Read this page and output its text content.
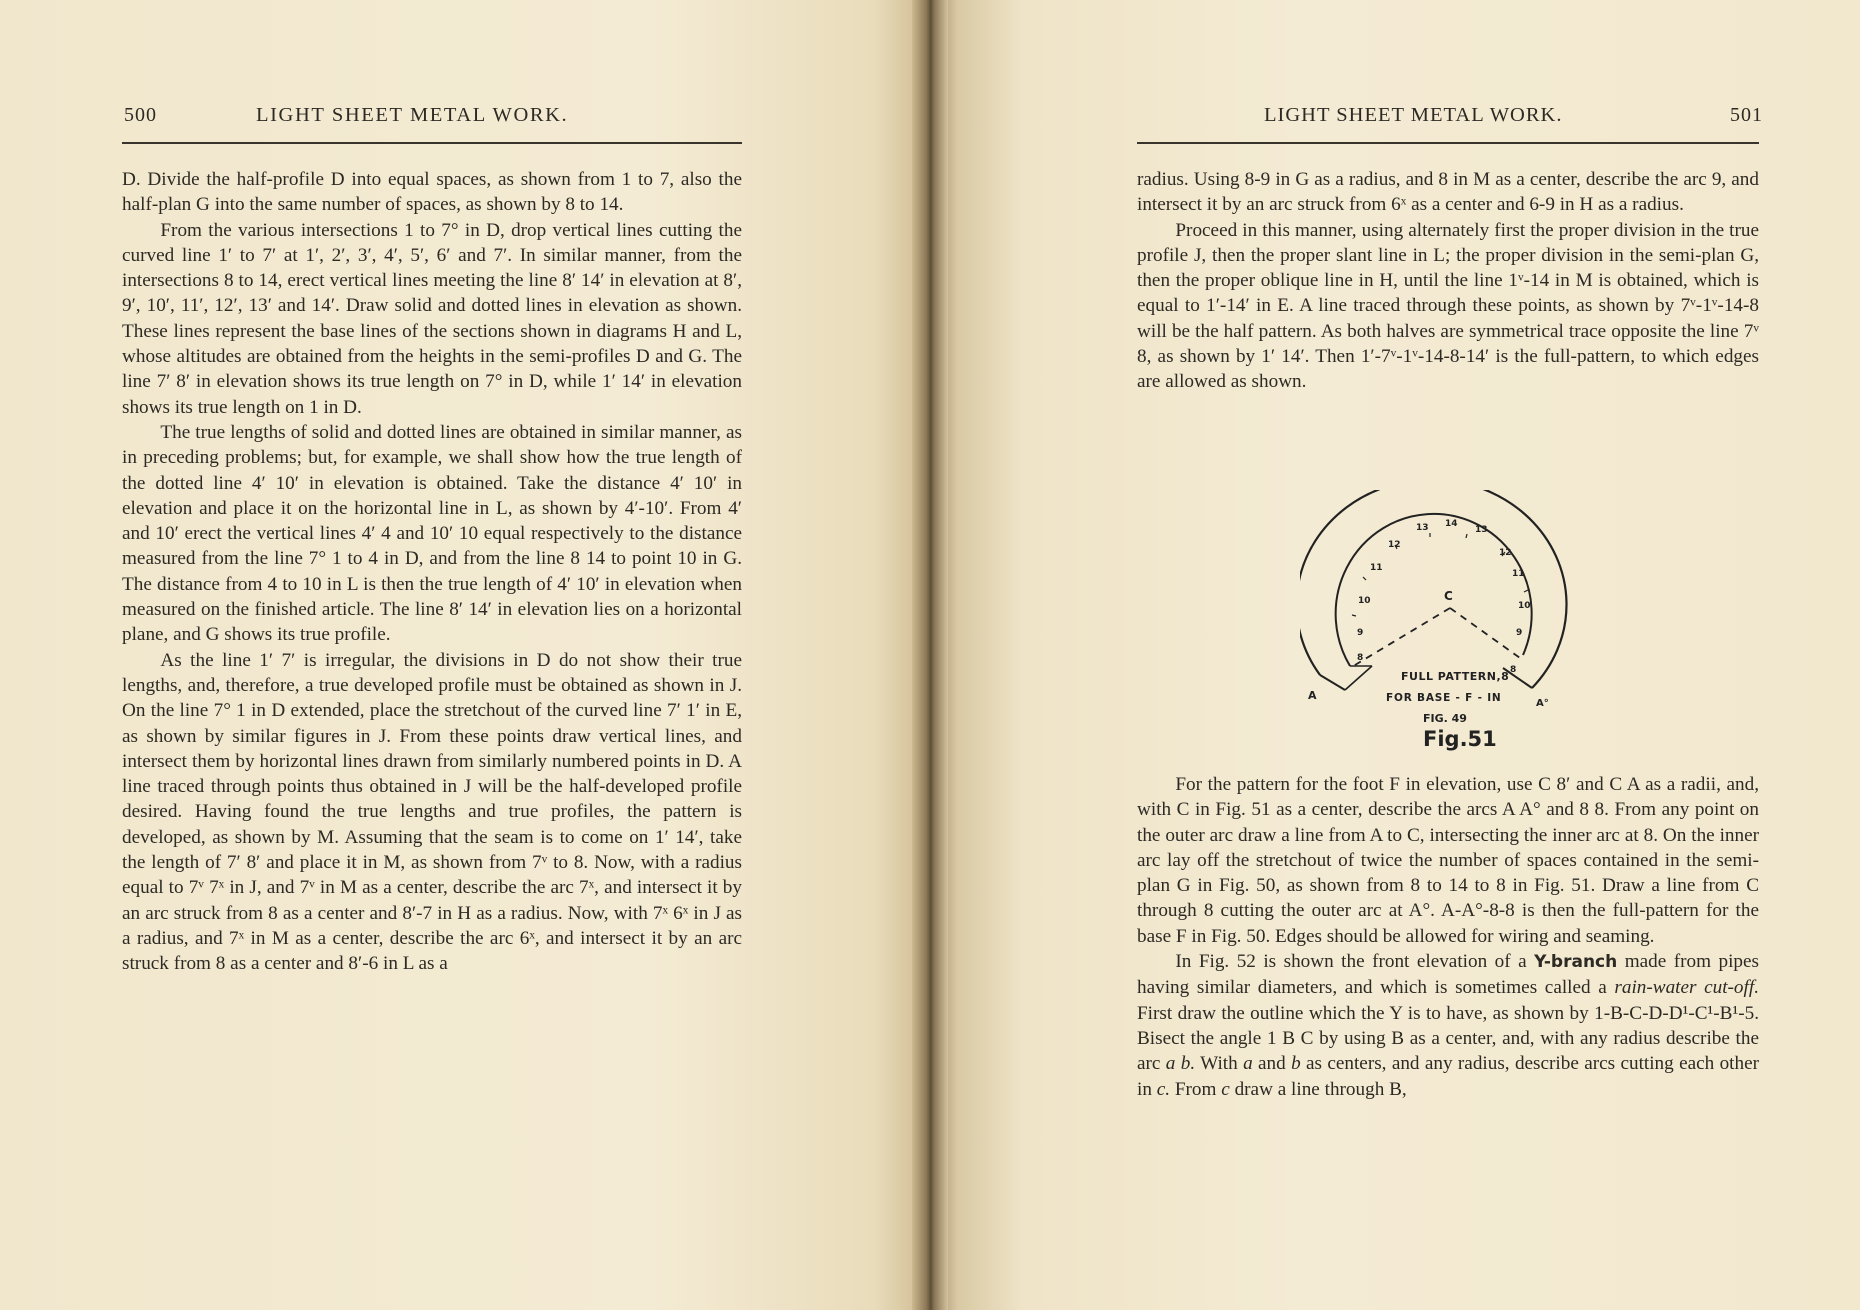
500	LIGHT SHEET METAL WORK.

D. Divide the half-profile D into equal spaces, as shown from 1 to 7, also the half-plan G into the same number of spaces, as shown by 8 to 14.

From the various intersections 1 to 7° in D, drop vertical lines cutting the curved line 1′ to 7′ at 1′, 2′, 3′, 4′, 5′, 6′ and 7′. In similar manner, from the intersections 8 to 14, erect vertical lines meeting the line 8′ 14′ in elevation at 8′, 9′, 10′, 11′, 12′, 13′ and 14′. Draw solid and dotted lines in elevation as shown. These lines represent the base lines of the sections shown in diagrams H and L, whose altitudes are obtained from the heights in the semi-profiles D and G. The line 7′ 8′ in elevation shows its true length on 7° in D, while 1′ 14′ in elevation shows its true length on 1 in D.

The true lengths of solid and dotted lines are obtained in similar manner, as in preceding problems; but, for example, we shall show how the true length of the dotted line 4′ 10′ in elevation is obtained. Take the distance 4′ 10′ in elevation and place it on the horizontal line in L, as shown by 4′-10′. From 4′ and 10′ erect the vertical lines 4′ 4 and 10′ 10 equal respectively to the distance measured from the line 7° 1 to 4 in D, and from the line 8 14 to point 10 in G. The distance from 4 to 10 in L is then the true length of 4′ 10′ in elevation when measured on the finished article. The line 8′ 14′ in elevation lies on a horizontal plane, and G shows its true profile.

As the line 1′ 7′ is irregular, the divisions in D do not show their true lengths, and, therefore, a true developed profile must be obtained as shown in J. On the line 7° 1 in D extended, place the stretchout of the curved line 7′ 1′ in E, as shown by similar figures in J. From these points draw vertical lines, and intersect them by horizontal lines drawn from similarly numbered points in D. A line traced through points thus obtained in J will be the half-developed profile desired. Having found the true lengths and true profiles, the pattern is developed, as shown by M. Assuming that the seam is to come on 1′ 14′, take the length of 7′ 8′ and place it in M, as shown from 7ᵛ to 8. Now, with a radius equal to 7ᵛ 7ˣ in J, and 7ᵛ in M as a center, describe the arc 7ˣ, and intersect it by an arc struck from 8 as a center and 8′-7 in H as a radius. Now, with 7ˣ 6ˣ in J as a radius, and 7ˣ in M as a center, describe the arc 6ˣ, and intersect it by an arc struck from 8 as a center and 8′-6 in L as a

LIGHT SHEET METAL WORK.	501

radius. Using 8-9 in G as a radius, and 8 in M as a center, describe the arc 9, and intersect it by an arc struck from 6ˣ as a center and 6-9 in H as a radius.

Proceed in this manner, using alternately first the proper division in the true profile J, then the proper slant line in L; the proper division in the semi-plan G, then the proper oblique line in H, until the line 1ᵛ-14 in M is obtained, which is equal to 1′-14′ in E. A line traced through these points, as shown by 7ᵛ-1ᵛ-14-8 will be the half pattern. As both halves are symmetrical trace opposite the line 7ᵛ 8, as shown by 1′ 14′. Then 1′-7ᵛ-1ᵛ-14-8-14′ is the full-pattern, to which edges are allowed as shown.

13 14
13
12
12
11
11
10	10
9	9
8
8
C
A
A°
FULL PATTERN,8
FOR BASE - F - IN
FIG. 49
Fig.51

For the pattern for the foot F in elevation, use C 8′ and C A as a radii, and, with C in Fig. 51 as a center, describe the arcs A A° and 8 8. From any point on the outer arc draw a line from A to C, intersecting the inner arc at 8. On the inner arc lay off the stretchout of twice the number of spaces contained in the semi-plan G in Fig. 50, as shown from 8 to 14 to 8 in Fig. 51. Draw a line from C through 8 cutting the outer arc at A°. A-A°-8-8 is then the full-pattern for the base F in Fig. 50. Edges should be allowed for wiring and seaming.

In Fig. 52 is shown the front elevation of a Y-branch made from pipes having similar diameters, and which is sometimes called a rain-water cut-off. First draw the outline which the Y is to have, as shown by 1-B-C-D-D¹-C¹-B¹-5. Bisect the angle 1 B C by using B as a center, and, with any radius describe the arc a b. With a and b as centers, and any radius, describe arcs cutting each other in c. From c draw a line through B,
